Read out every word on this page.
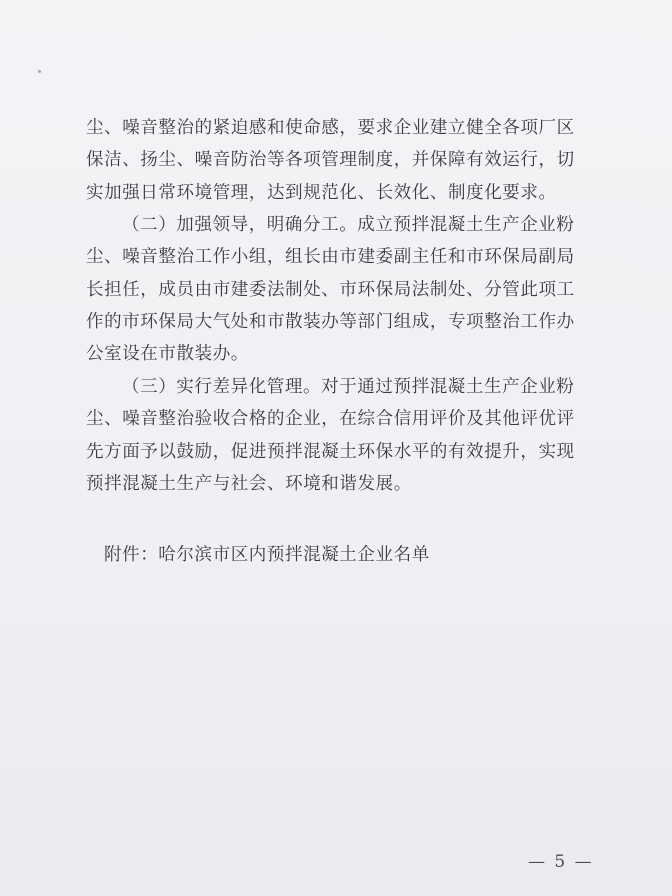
尘、噪音整治的紧迫感和使命感，要求企业建立健全各项厂区保洁、扬尘、噪音防治等各项管理制度，并保障有效运行，切实加强日常环境管理，达到规范化、长效化、制度化要求。

（二）加强领导，明确分工。成立预拌混凝土生产企业粉尘、噪音整治工作小组，组长由市建委副主任和市环保局副局长担任，成员由市建委法制处、市环保局法制处、分管此项工作的市环保局大气处和市散装办等部门组成，专项整治工作办公室设在市散装办。

（三）实行差异化管理。对于通过预拌混凝土生产企业粉尘、噪音整治验收合格的企业，在综合信用评价及其他评优评先方面予以鼓励，促进预拌混凝土环保水平的有效提升，实现预拌混凝土生产与社会、环境和谐发展。

附件：哈尔滨市区内预拌混凝土企业名单
— 5 —
